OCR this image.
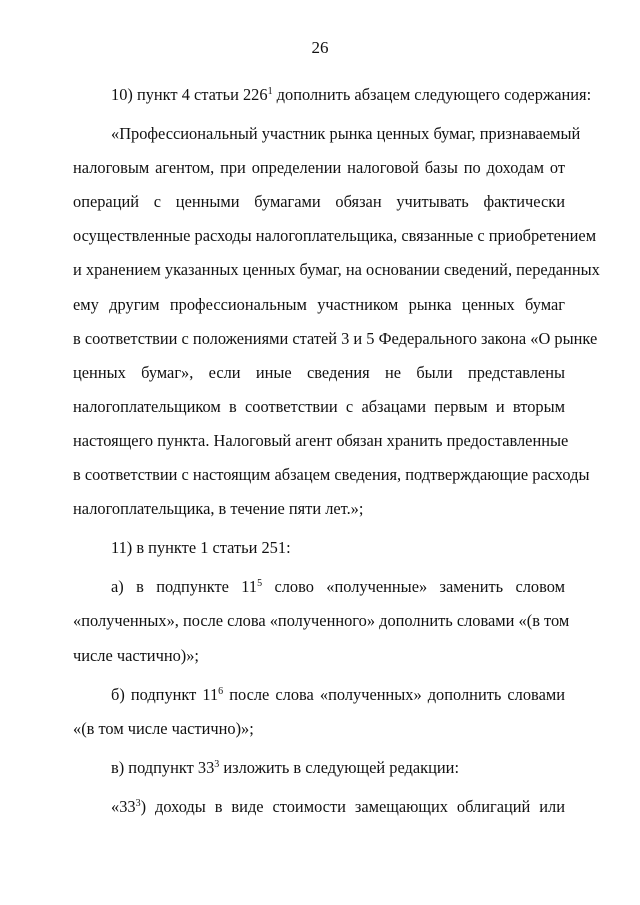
26
10) пункт 4 статьи $226^1$ дополнить абзацем следующего содержания:
«Профессиональный участник рынка ценных бумаг, признаваемый
налоговым агентом, при определении налоговой базы по доходам от
операций с ценными бумагами обязан учитывать фактически
осуществленные расходы налогоплательщика, связанные с приобретением
и хранением указанных ценных бумаг, на основании сведений, переданных
ему другим профессиональным участником рынка ценных бумаг
в соответствии с положениями статей 3 и 5 Федерального закона «О рынке
ценных бумаг», если иные сведения не были представлены
налогоплательщиком в соответствии с абзацами первым и вторым
настоящего пункта. Налоговый агент обязан хранить предоставленные
в соответствии с настоящим абзацем сведения, подтверждающие расходы
налогоплательщика, в течение пяти лет.»;
11) в пункте 1 статьи 251:
а) в подпункте $11^5$ слово «полученные» заменить словом
«полученных», после слова «полученного» дополнить словами «(в том
числе частично)»;
б) подпункт $11^6$ после слова «полученных» дополнить словами
«(в том числе частично)»;
в) подпункт $33^3$ изложить в следующей редакции:
«$33^3$) доходы в виде стоимости замещающих облигаций или
